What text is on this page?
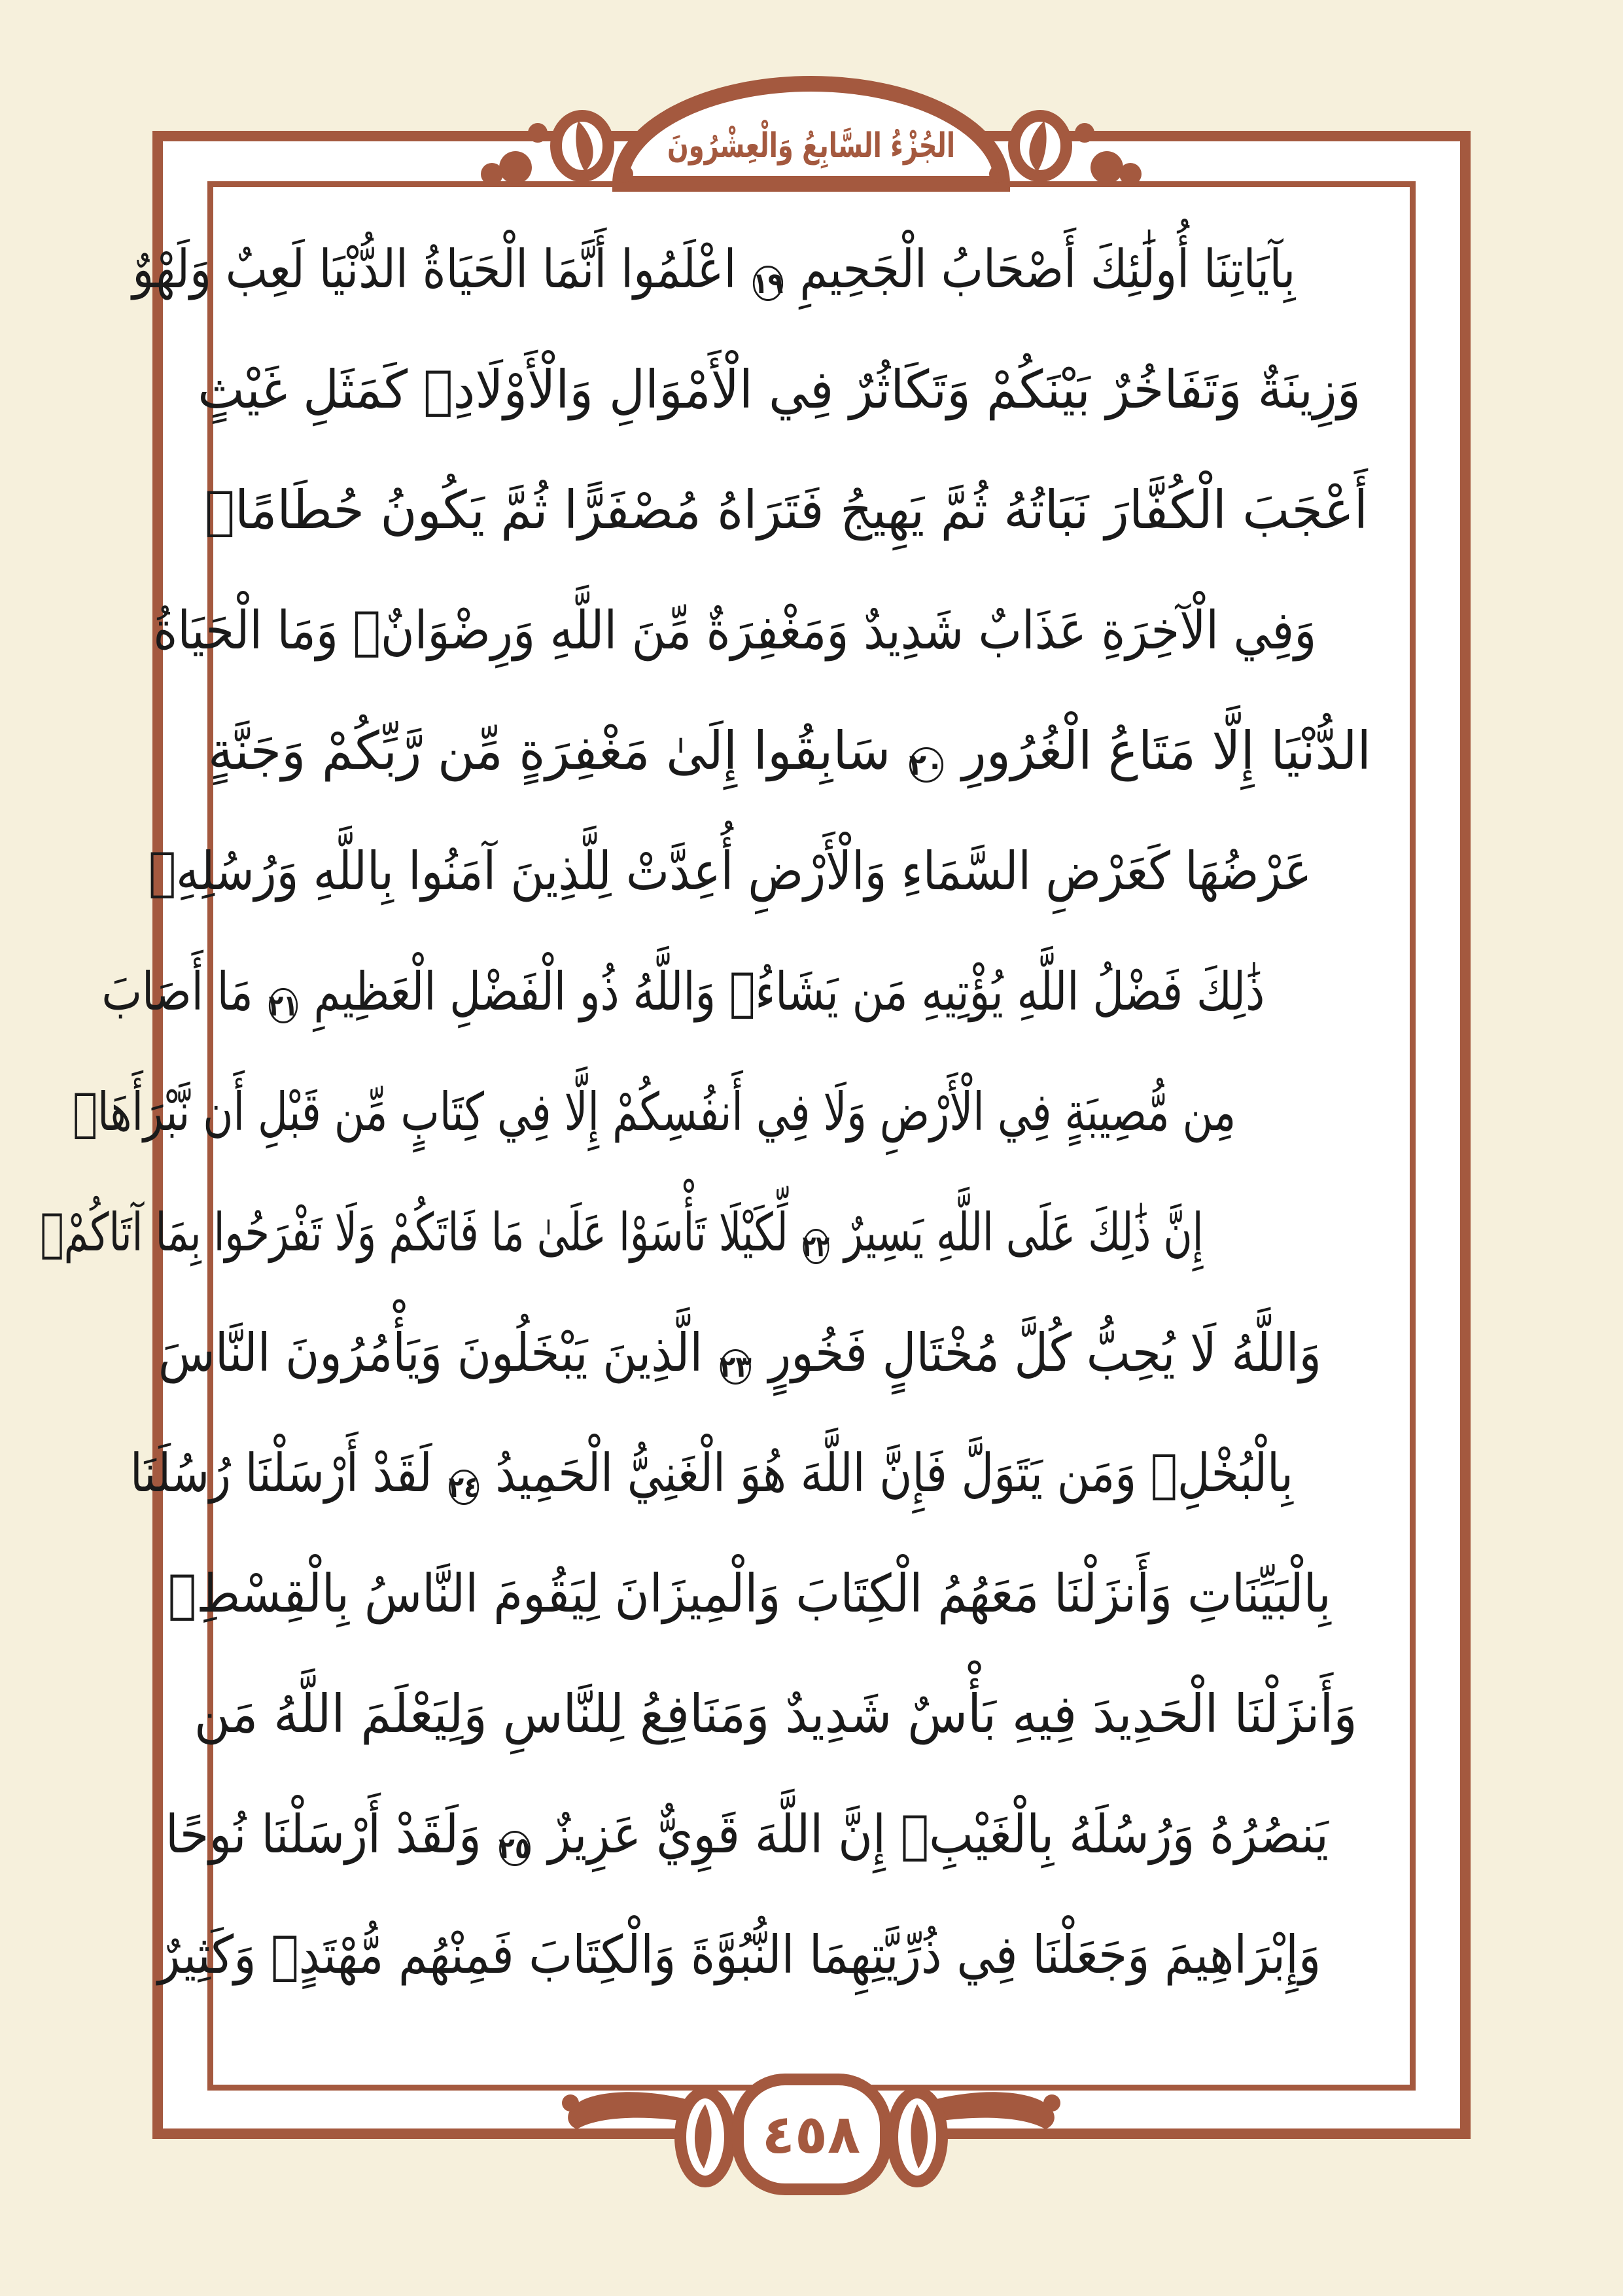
بِآيَاتِنَا أُولَٰئِكَ أَصْحَابُ الْجَحِيمِ ١٩ اعْلَمُوا أَنَّمَا الْحَيَاةُ الدُّنْيَا لَعِبٌ وَلَهْوٌ
وَزِينَةٌ وَتَفَاخُرٌ بَيْنَكُمْ وَتَكَاثُرٌ فِي الْأَمْوَالِ وَالْأَوْلَادِۖ كَمَثَلِ غَيْثٍ
أَعْجَبَ الْكُفَّارَ نَبَاتُهُ ثُمَّ يَهِيجُ فَتَرَاهُ مُصْفَرًّا ثُمَّ يَكُونُ حُطَامًاۖ
وَفِي الْآخِرَةِ عَذَابٌ شَدِيدٌ وَمَغْفِرَةٌ مِّنَ اللَّهِ وَرِضْوَانٌۚ وَمَا الْحَيَاةُ
الدُّنْيَا إِلَّا مَتَاعُ الْغُرُورِ ٢٠ سَابِقُوا إِلَىٰ مَغْفِرَةٍ مِّن رَّبِّكُمْ وَجَنَّةٍ
عَرْضُهَا كَعَرْضِ السَّمَاءِ وَالْأَرْضِ أُعِدَّتْ لِلَّذِينَ آمَنُوا بِاللَّهِ وَرُسُلِهِۚ
ذَٰلِكَ فَضْلُ اللَّهِ يُؤْتِيهِ مَن يَشَاءُۚ وَاللَّهُ ذُو الْفَضْلِ الْعَظِيمِ ٢١ مَا أَصَابَ
مِن مُّصِيبَةٍ فِي الْأَرْضِ وَلَا فِي أَنفُسِكُمْ إِلَّا فِي كِتَابٍ مِّن قَبْلِ أَن نَّبْرَأَهَاۚ
إِنَّ ذَٰلِكَ عَلَى اللَّهِ يَسِيرٌ ٢٢ لِّكَيْلَا تَأْسَوْا عَلَىٰ مَا فَاتَكُمْ وَلَا تَفْرَحُوا بِمَا آتَاكُمْۗ
وَاللَّهُ لَا يُحِبُّ كُلَّ مُخْتَالٍ فَخُورٍ ٢٣ الَّذِينَ يَبْخَلُونَ وَيَأْمُرُونَ النَّاسَ
بِالْبُخْلِۗ وَمَن يَتَوَلَّ فَإِنَّ اللَّهَ هُوَ الْغَنِيُّ الْحَمِيدُ ٢٤ لَقَدْ أَرْسَلْنَا رُسُلَنَا
بِالْبَيِّنَاتِ وَأَنزَلْنَا مَعَهُمُ الْكِتَابَ وَالْمِيزَانَ لِيَقُومَ النَّاسُ بِالْقِسْطِۖ
وَأَنزَلْنَا الْحَدِيدَ فِيهِ بَأْسٌ شَدِيدٌ وَمَنَافِعُ لِلنَّاسِ وَلِيَعْلَمَ اللَّهُ مَن
يَنصُرُهُ وَرُسُلَهُ بِالْغَيْبِۚ إِنَّ اللَّهَ قَوِيٌّ عَزِيزٌ ٢٥ وَلَقَدْ أَرْسَلْنَا نُوحًا
وَإِبْرَاهِيمَ وَجَعَلْنَا فِي ذُرِّيَّتِهِمَا النُّبُوَّةَ وَالْكِتَابَ فَمِنْهُم مُّهْتَدٍۖ وَكَثِيرٌ
الجُزْءُ السَّابِعُ وَالْعِشْرُونَ
٤٥٨
